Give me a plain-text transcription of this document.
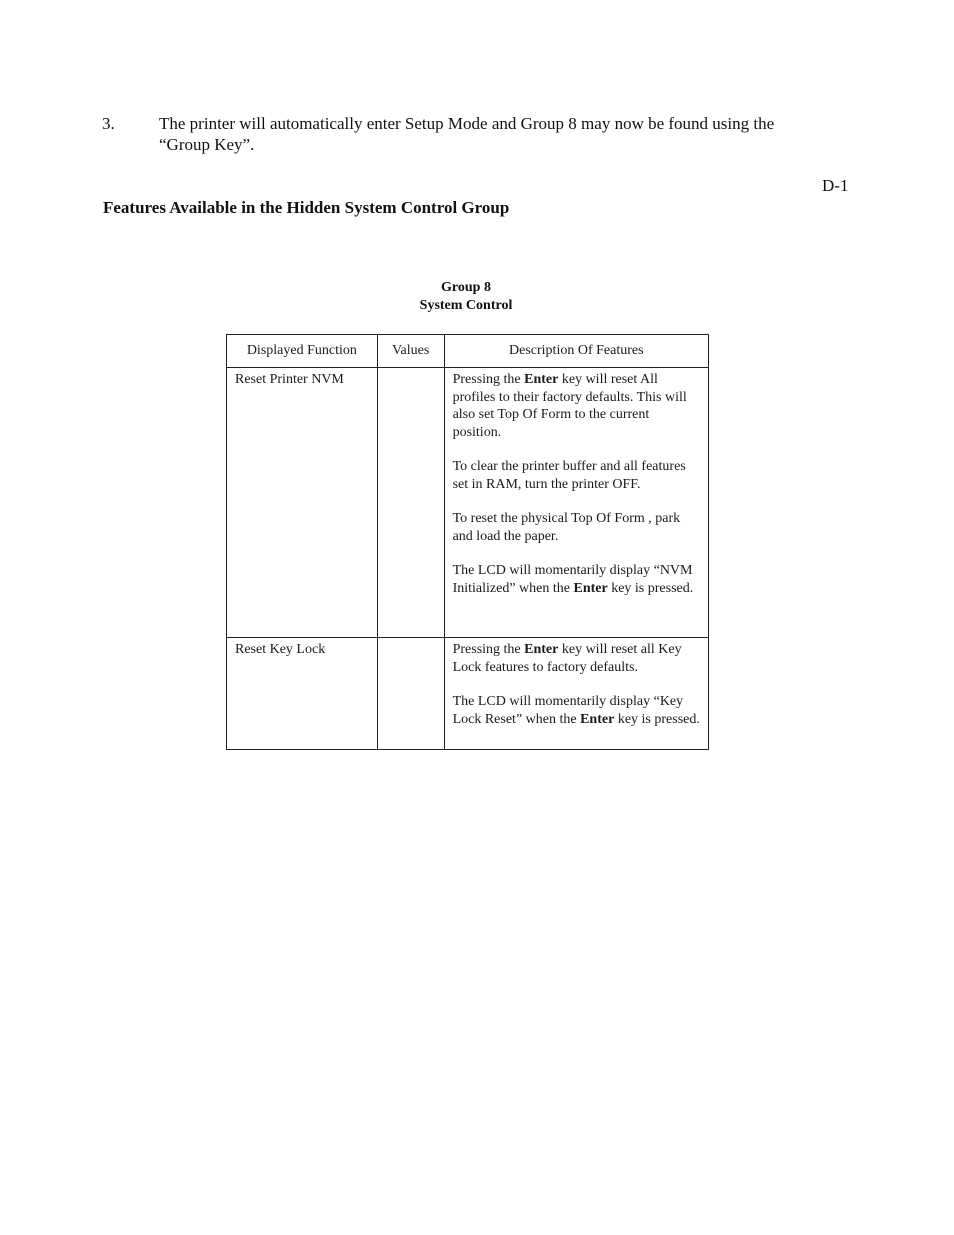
3.	The printer will automatically enter Setup Mode and Group 8 may now be found using the
“Group Key”.
D-1
Features Available in the Hidden System Control Group
Group 8
System Control
Displayed Function	Values	Description Of Features
Reset Printer NVM		Pressing the Enter key will reset All profiles to their factory defaults. This will also set Top Of Form to the current position.

To clear the printer buffer and all features set in RAM, turn the printer OFF.

To reset the physical Top Of Form , park and load the paper.

The LCD will momentarily display “NVM Initialized” when the Enter key is pressed.

Reset Key Lock		Pressing the Enter key will reset all Key Lock features to factory defaults.

The LCD will momentarily display “Key Lock Reset” when the Enter key is pressed.
